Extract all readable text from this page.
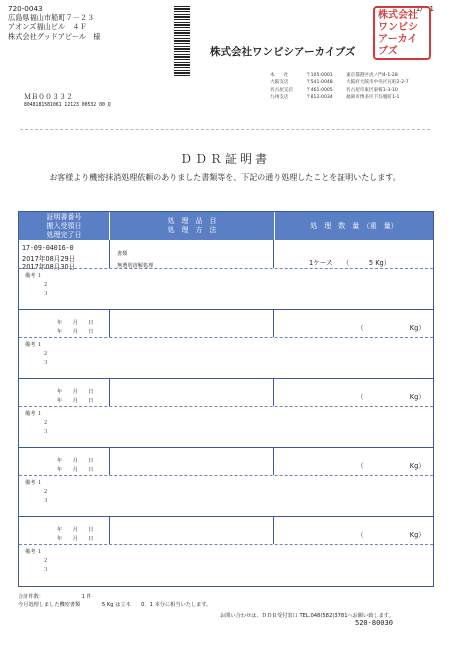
1/　1
720-0043
広島県福山市船町７－２３
アオンズ福山ビル　４Ｆ
株式会社グッドアピール　様
株式会社
ワンビシ
アーカイブズ
株式会社ワンビシアーカイブズ
本　　社	〒105-0001	東京都港区虎ノ門4-1-28
大阪支店	〒541-0048	大阪府大阪市中央区瓦町2-2-7
名古屋支店	〒461-0005	名古屋市東区東桜1-3-10
九州支店	〒812-0034	福岡市博多区下呉服町1-1
ＭＢ００３３２
8048181581061 12123 00532 00 Q
ＤＤＲ証明書
お客様より機密抹消処理依頼のありました書類等を、下記の通り処理したことを証明いたします。
証明書番号
搬入受領日
処理完了日
処　理　品　目
処　理　方　法
処　理　数　量　（重　量）
17-09-04016-0
2017年08月29日
2017年08月30日
書類
無選別溶解処理	1ケース　　（　　　5 Kg）
備考 １
２
３
年　　月　　日
年　　月　　日	（　　　　　　　Kg）
備考 １
２
３
年　　月　　日
年　　月　　日	（　　　　　　　Kg）
備考 １
２
３
年　　月　　日
年　　月　　日	（　　　　　　　Kg）
備考 １
２
３
年　　月　　日
年　　月　　日	（　　　　　　　Kg）
備考 １
２
３
合計件数：	1 件
今月処理しました機密書類	5 Kg は立木　　0．1 本分に相当いたします。
お問い合わせは、ＤＤＲ受付窓口 TEL.048(582)3781へお願い致します。
520-80030
